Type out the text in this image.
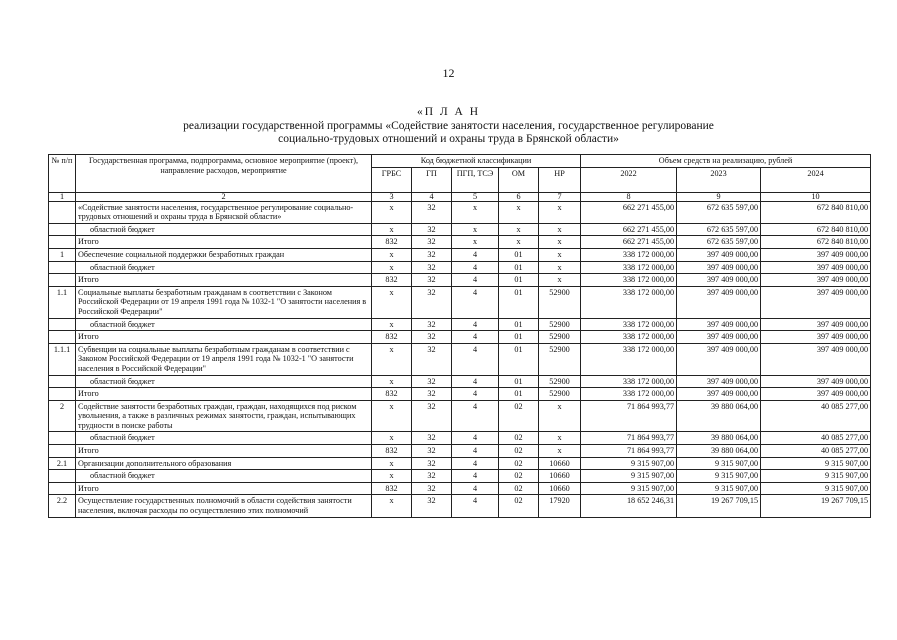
12
«П Л А Н
реализации государственной программы «Содействие занятости населения, государственное регулирование
социально-трудовых отношений и охраны труда в Брянской области»
№ п/п	Государственная программа, подпрограмма, основное мероприятие (проект), направление расходов, мероприятие	Код бюджетной классификации					Объем средств на реализацию, рублей		
		ГРБС	ГП	ПГП, ТСЭ	ОМ	НР	2022	2023	2024
1	2	3	4	5	6	7	8	9	10
	«Содействие занятости населения, государственное регулирование социально-трудовых отношений и охраны труда в Брянской области»	x	32	x	x	x	662 271 455,00	672 635 597,00	672 840 810,00
	областной бюджет	x	32	x	x	x	662 271 455,00	672 635 597,00	672 840 810,00
	Итого	832	32	x	x	x	662 271 455,00	672 635 597,00	672 840 810,00
1	Обеспечение социальной поддержки безработных граждан	x	32	4	01	x	338 172 000,00	397 409 000,00	397 409 000,00
	областной бюджет	x	32	4	01	x	338 172 000,00	397 409 000,00	397 409 000,00
	Итого	832	32	4	01	x	338 172 000,00	397 409 000,00	397 409 000,00
1.1	Социальные выплаты безработным гражданам в соответствии с Законом Российской Федерации от 19 апреля 1991 года № 1032-1 "О занятости населения в Российской Федерации"	x	32	4	01	52900	338 172 000,00	397 409 000,00	397 409 000,00
	областной бюджет	x	32	4	01	52900	338 172 000,00	397 409 000,00	397 409 000,00
	Итого	832	32	4	01	52900	338 172 000,00	397 409 000,00	397 409 000,00
1.1.1	Субвенции на социальные выплаты безработным гражданам в соответствии с Законом Российской Федерации от 19 апреля 1991 года № 1032-1 "О занятости населения в Российской Федерации"	x	32	4	01	52900	338 172 000,00	397 409 000,00	397 409 000,00
	областной бюджет	x	32	4	01	52900	338 172 000,00	397 409 000,00	397 409 000,00
	Итого	832	32	4	01	52900	338 172 000,00	397 409 000,00	397 409 000,00
2	Содействие занятости безработных граждан, граждан, находящихся под риском увольнения, а также в различных режимах занятости, граждан, испытывающих трудности в поиске работы	x	32	4	02	x	71 864 993,77	39 880 064,00	40 085 277,00
	областной бюджет	x	32	4	02	x	71 864 993,77	39 880 064,00	40 085 277,00
	Итого	832	32	4	02	x	71 864 993,77	39 880 064,00	40 085 277,00
2.1	Организации дополнительного образования	x	32	4	02	10660	9 315 907,00	9 315 907,00	9 315 907,00
	областной бюджет	x	32	4	02	10660	9 315 907,00	9 315 907,00	9 315 907,00
	Итого	832	32	4	02	10660	9 315 907,00	9 315 907,00	9 315 907,00
2.2	Осуществление государственных полномочий в области содействия занятости населения, включая расходы по осуществлению этих полномочий	x	32	4	02	17920	18 652 246,31	19 267 709,15	19 267 709,15
